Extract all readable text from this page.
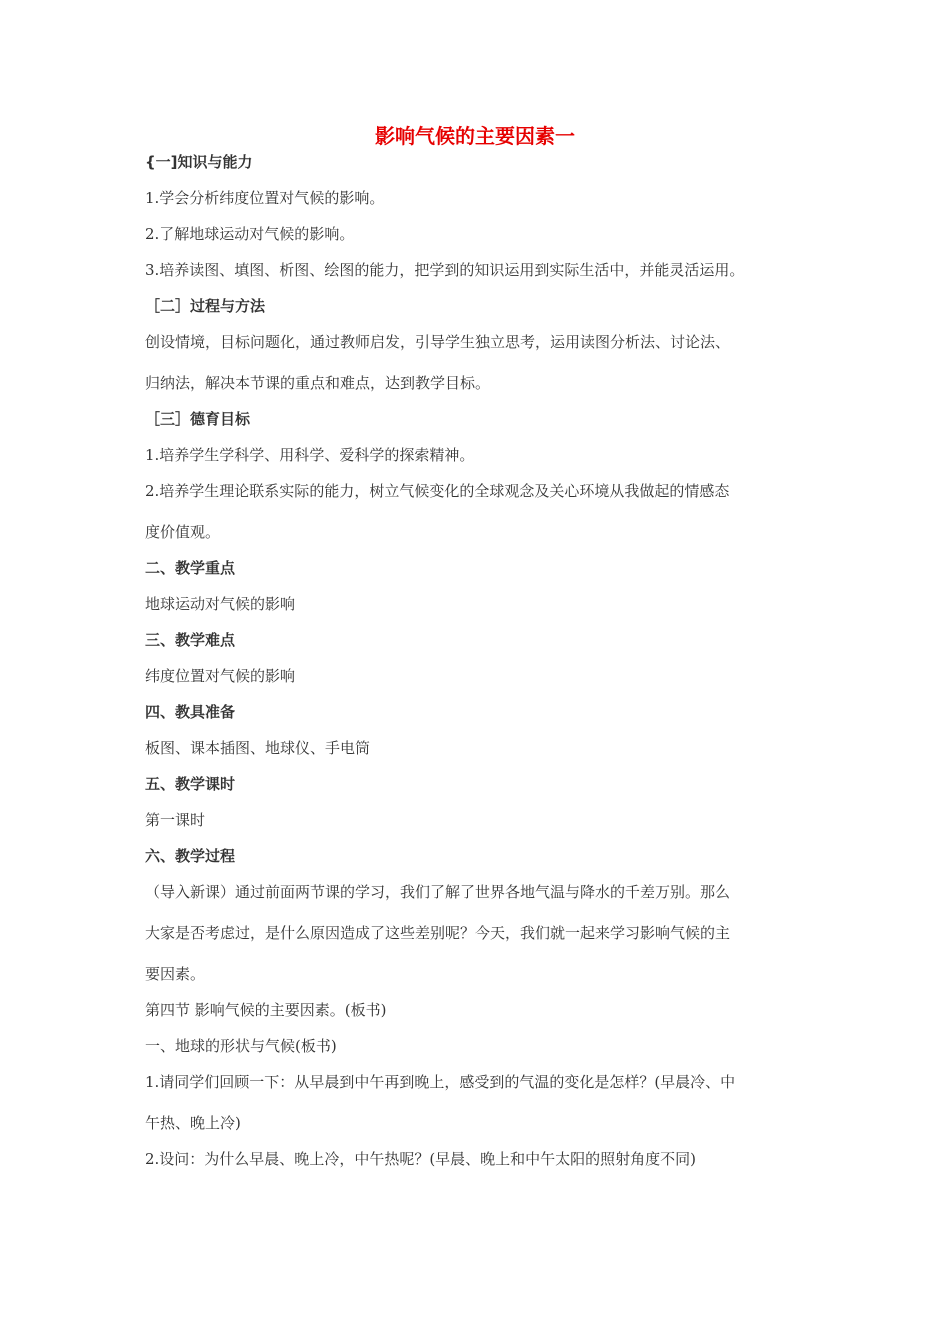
影响气候的主要因素一
{一]知识与能力
1.学会分析纬度位置对气候的影响。
2.了解地球运动对气候的影响。
3.培养读图、填图、析图、绘图的能力，把学到的知识运用到实际生活中，并能灵活运用。
［二］过程与方法
创设情境，目标问题化，通过教师启发，引导学生独立思考，运用读图分析法、讨论法、
归纳法，解决本节课的重点和难点，达到教学目标。
［三］德育目标
1.培养学生学科学、用科学、爱科学的探索精神。
2.培养学生理论联系实际的能力，树立气候变化的全球观念及关心环境从我做起的情感态
度价值观。
二、教学重点
地球运动对气候的影响
三、教学难点
纬度位置对气候的影响
四、教具准备
板图、课本插图、地球仪、手电筒
五、教学课时
第一课时
六、教学过程
（导入新课）通过前面两节课的学习，我们了解了世界各地气温与降水的千差万别。那么
大家是否考虑过，是什么原因造成了这些差别呢？今天，我们就一起来学习影响气候的主
要因素。
第四节 影响气候的主要因素。(板书)
一、地球的形状与气候(板书)
1.请同学们回顾一下：从早晨到中午再到晚上，感受到的气温的变化是怎样？(早晨冷、中
午热、晚上冷)
2.设问：为什么早晨、晚上冷，中午热呢？(早晨、晚上和中午太阳的照射角度不同)
